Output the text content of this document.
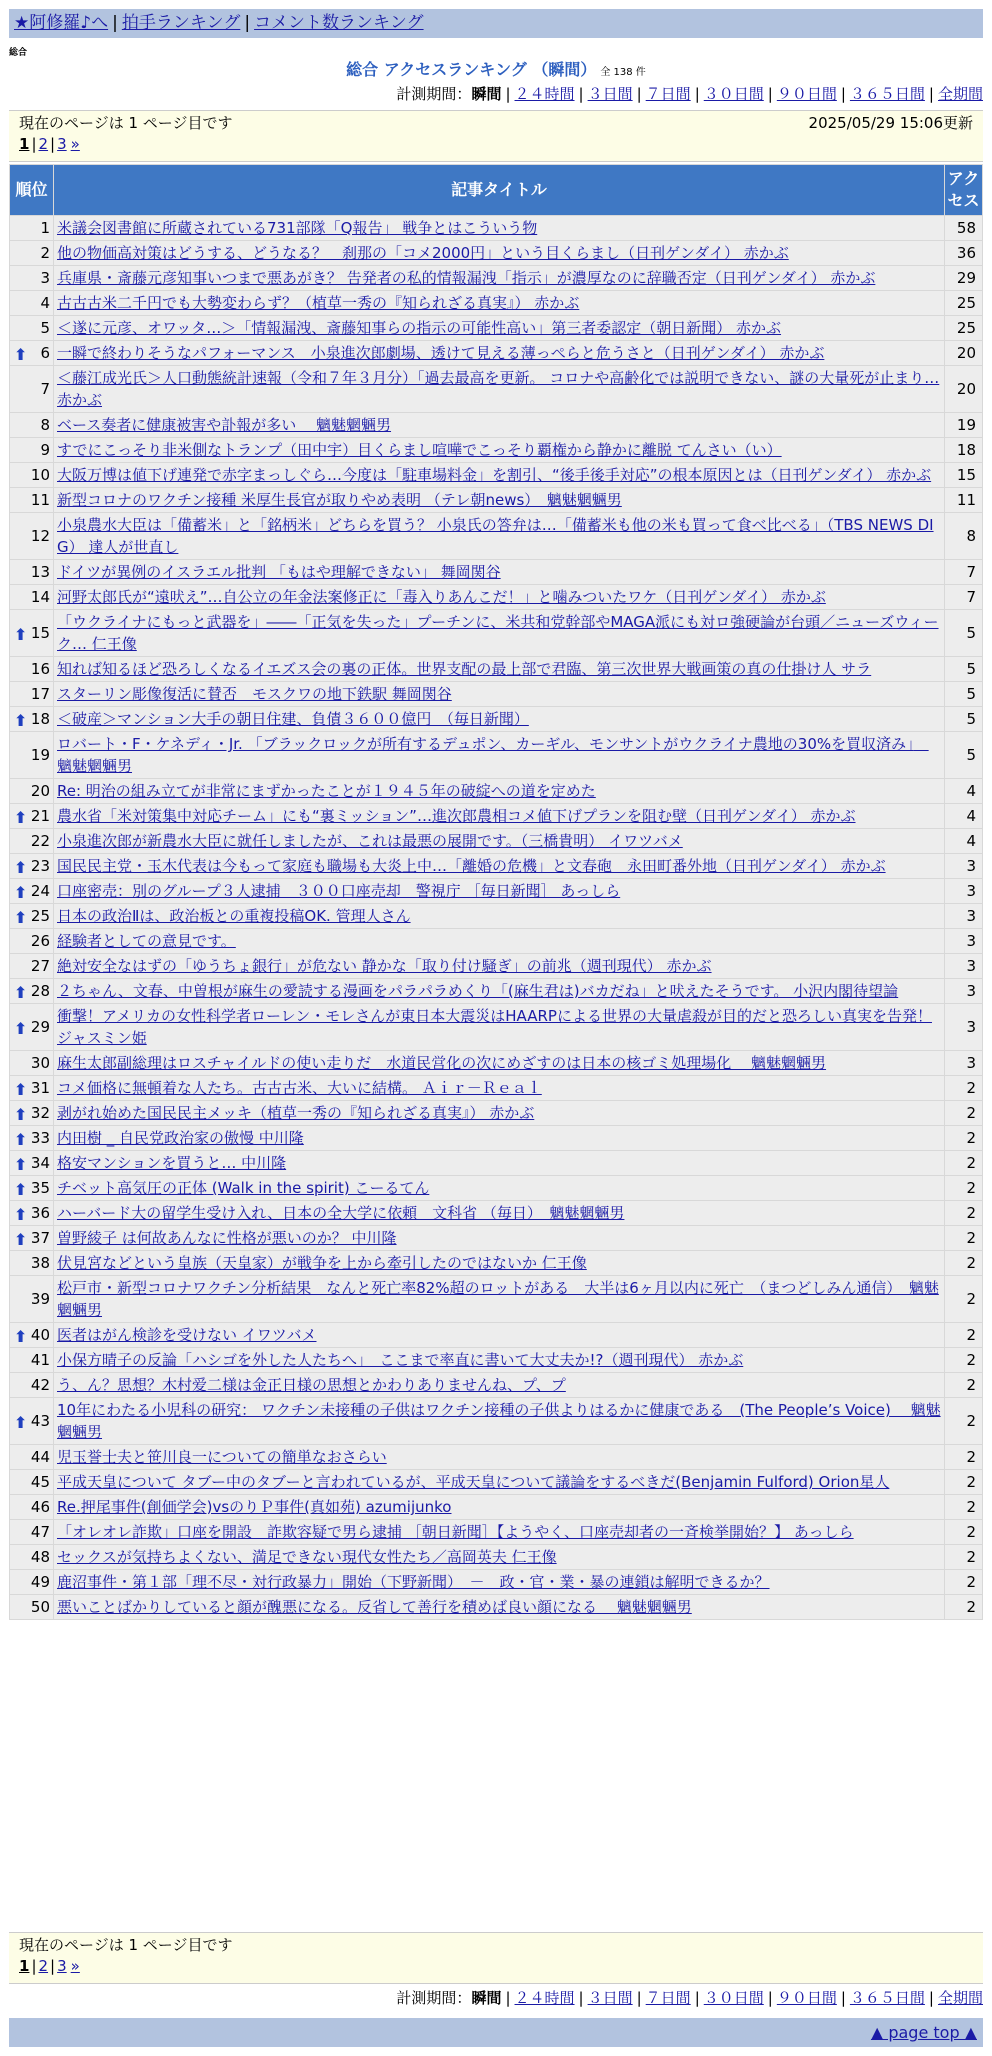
★阿修羅♪へ | 拍手ランキング | コメント数ランキング
総合
総合 アクセスランキング （瞬間） 全 138 件
計測期間：瞬間 | ２４時間 | ３日間 | ７日間 | ３０日間 | ９０日間 | ３６５日間 | 全期間
現在のページは 1 ページ目です	2025/05/29 15:06更新
1 | 2 | 3 »
順位	記事タイトル	アクセス
1	米議会図書館に所蔵されている731部隊「Q報告」 戦争とはこういう物	58
2	他の物価高対策はどうする、どうなる？　刹那の「コメ2000円」という目くらまし（日刊ゲンダイ） 赤かぶ	36
3	兵庫県・斎藤元彦知事いつまで悪あがき？ 告発者の私的情報漏洩「指示」が濃厚なのに辞職否定（日刊ゲンダイ） 赤かぶ	29
4	古古古米二千円でも大勢変わらず？（植草一秀の『知られざる真実』） 赤かぶ	25
5	＜遂に元彦、オワッタ…＞「情報漏洩、斎藤知事らの指示の可能性高い」第三者委認定（朝日新聞） 赤かぶ	25

⬆ 6	一瞬で終わりそうなパフォーマンス　小泉進次郎劇場、透けて見える薄っぺらと危うさと（日刊ゲンダイ） 赤かぶ	20
7	＜藤江成光氏＞人口動態統計速報（令和７年３月分）「過去最高を更新。 コロナや高齢化では説明できない、謎の大量死が止まり… 赤かぶ	20
8	ベース奏者に健康被害や訃報が多い　 魑魅魍魎男	19
9	すでにこっそり非米側なトランプ（田中宇）目くらまし喧嘩でこっそり覇権から静かに離脱 てんさい（い）	18
10	大阪万博は値下げ連発で赤字まっしぐら…今度は「駐車場料金」を割引、“後手後手対応”の根本原因とは（日刊ゲンダイ） 赤かぶ	15
11	新型コロナのワクチン接種 米厚生長官が取りやめ表明 （テレ朝news）　魑魅魍魎男	11
12	小泉農水大臣は「備蓄米」と「銘柄米」どちらを買う？ 小泉氏の答弁は…「備蓄米も他の米も買って食べ比べる」（TBS NEWS DIG） 達人が世直し	8
13	ドイツが異例のイスラエル批判 「もはや理解できない」 舞岡関谷	7
14	河野太郎氏が“遠吠え”…自公立の年金法案修正に「毒入りあんこだ！」と噛みついたワケ（日刊ゲンダイ） 赤かぶ	7

⬆ 15	「ウクライナにもっと武器を」――「正気を失った」プーチンに、米共和党幹部やMAGA派にも対ロ強硬論が台頭／ニューズウィーク… 仁王像	5
16	知れば知るほど恐ろしくなるイエズス会の裏の正体。世界支配の最上部で君臨、第三次世界大戦画策の真の仕掛け人 サラ	5
17	スターリン彫像復活に賛否　モスクワの地下鉄駅 舞岡関谷	5

⬆ 18	＜破産＞マンション大手の朝日住建、負債３６００億円　（毎日新聞）	5
19	ロバート・F・ケネディ・Jr. 「ブラックロックが所有するデュポン、カーギル、モンサントがウクライナ農地の30%を買収済み」　魑魅魍魎男	5
20	Re: 明治の組み立てが非常にまずかったことが１９４５年の破綻への道を定めた	4

⬆ 21	農水省「米対策集中対応チーム」にも“裏ミッション”…進次郎農相コメ値下げプランを阻む壁（日刊ゲンダイ） 赤かぶ	4
22	小泉進次郎が新農水大臣に就任しましたが、これは最悪の展開です。（三橋貴明） イワツバメ	4

⬆ 23	国民民主党・玉木代表は今もって家庭も職場も大炎上中…「離婚の危機」と文春砲　永田町番外地（日刊ゲンダイ） 赤かぶ	3

⬆ 24	口座密売：別のグループ３人逮捕　３００口座売却　警視庁 ［毎日新聞］ あっしら	3

⬆ 25	日本の政治Ⅱは、政治板との重複投稿OK. 管理人さん	3
26	経験者としての意見です。	3
27	絶対安全なはずの「ゆうちょ銀行」が危ない 静かな「取り付け騒ぎ」の前兆（週刊現代） 赤かぶ	3

⬆ 28	２ちゃん、文春、中曽根が麻生の愛読する漫画をパラパラめくり「(麻生君は)バカだね」と吠えたそうです。 小沢内閣待望論	3

⬆ 29	衝撃！アメリカの女性科学者ローレン・モレさんが東日本大震災はHAARPによる世界の大量虐殺が目的だと恐ろしい真実を告発！ ジャスミン姫	3
30	麻生太郎副総理はロスチャイルドの使い走りだ　水道民営化の次にめざすのは日本の核ゴミ処理場化　 魑魅魍魎男	3

⬆ 31	コメ価格に無頓着な人たち。古古古米、大いに結構。 Ａｉｒ－Ｒｅａｌ	2

⬆ 32	剥がれ始めた国民民主メッキ（植草一秀の『知られざる真実』） 赤かぶ	2

⬆ 33	内田樹 _ 自民党政治家の傲慢 中川隆	2

⬆ 34	格安マンションを買うと… 中川隆	2

⬆ 35	チベット高気圧の正体 (Walk in the spirit) こーるてん	2

⬆ 36	ハーバード大の留学生受け入れ、日本の全大学に依頼　文科省 （毎日）　魑魅魍魎男	2

⬆ 37	曽野綾子 は何故あんなに性格が悪いのか？ 中川隆	2
38	伏見宮などという皇族（天皇家）が戦争を上から牽引したのではないか 仁王像	2
39	松戸市・新型コロナワクチン分析結果　なんと死亡率82%超のロットがある　大半は6ヶ月以内に死亡　（まつどしみん通信）　魑魅魍魎男	2

⬆ 40	医者はがん検診を受けない イワツバメ	2
41	小保方晴子の反論「ハシゴを外した人たちへ」　ここまで率直に書いて大丈夫か!?（週刊現代） 赤かぶ	2
42	う、ん？思想？木村爱二様は金正日様の思想とかわりありませんね、プ、プ	2

⬆ 43	10年にわたる小児科の研究： ワクチン未接種の子供はワクチン接種の子供よりはるかに健康である　(The People’s Voice)　 魑魅魍魎男	2
44	児玉誉士夫と笹川良一についての簡単なおさらい	2
45	平成天皇について タブー中のタブーと言われているが、平成天皇について議論をするべきだ(Benjamin Fulford) Orion星人	2
46	Re.押尾事件(創価学会)vsのりＰ事件(真如苑) azumijunko	2
47	「オレオレ詐欺」口座を開設　詐欺容疑で男ら逮捕 ［朝日新聞］【ようやく、口座売却者の一斉検挙開始？】 あっしら	2
48	セックスが気持ちよくない、満足できない現代女性たち／高岡英夫 仁王像	2
49	鹿沼事件・第１部「理不尽・対行政暴力」開始（下野新聞）　－　政・官・業・暴の連鎖は解明できるか？	2
50	悪いことばかりしていると顔が醜悪になる。反省して善行を積めば良い顔になる　 魑魅魍魎男	2
現在のページは 1 ページ目です
1 | 2 | 3 »
計測期間：瞬間 | ２４時間 | ３日間 | ７日間 | ３０日間 | ９０日間 | ３６５日間 | 全期間
▲ page top ▲
